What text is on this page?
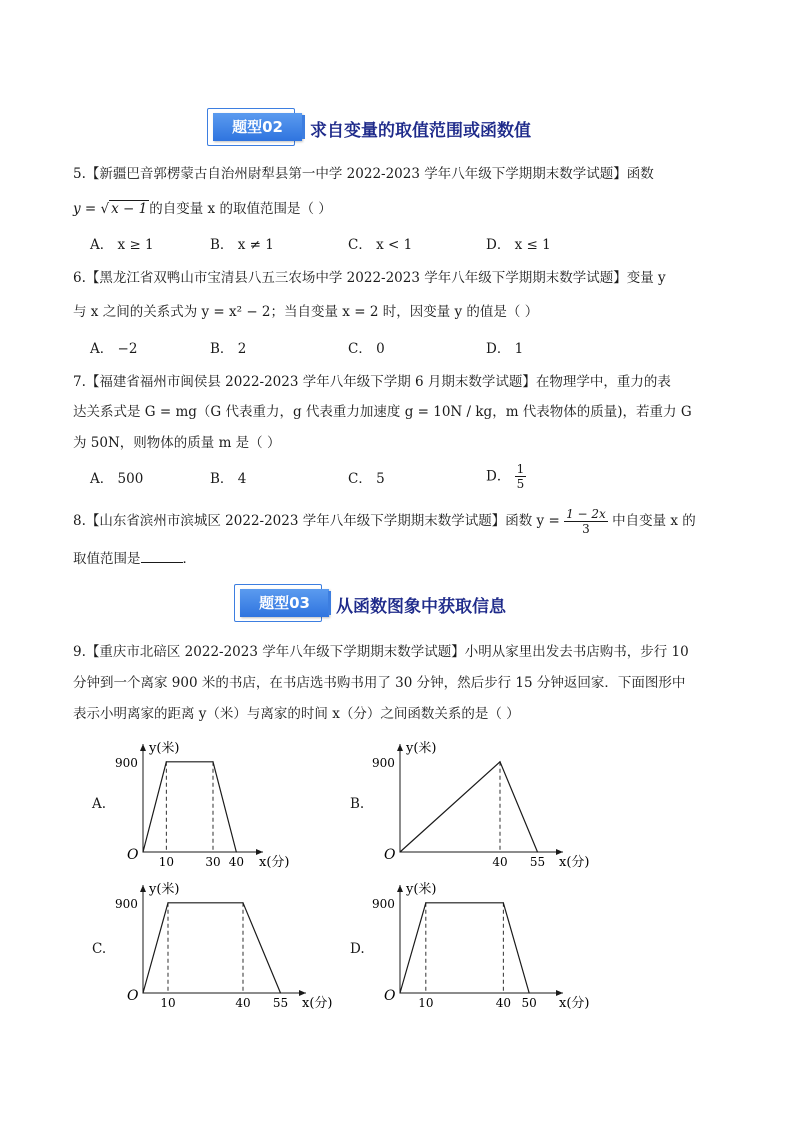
题型02	求自变量的取值范围或函数值
5.【新疆巴音郭楞蒙古自治州尉犁县第一中学 2022-2023 学年八年级下学期期末数学试题】函数
y = √ x − 1 的自变量 x 的取值范围是（ ）
A． x ≥ 1	B． x ≠ 1	C． x < 1	D． x ≤ 1
6.【黑龙江省双鸭山市宝清县八五三农场中学 2022-2023 学年八年级下学期期末数学试题】变量 y
与 x 之间的关系式为 y = x² − 2；当自变量 x = 2 时，因变量 y 的值是（ ）
A． −2	B． 2	C． 0	D． 1
7.【福建省福州市闽侯县 2022-2023 学年八年级下学期 6 月期末数学试题】在物理学中，重力的表
达关系式是 G = mg（G 代表重力，g 代表重力加速度 g = 10N / kg，m 代表物体的质量)，若重力 G
为 50N，则物体的质量 m 是（ ）
A． 500	B． 4	C． 5	D． $\frac{1}{5}$
8.【山东省滨州市滨城区 2022-2023 学年八年级下学期期末数学试题】函数 $y = \frac{1 - 2x}{3}$ 中自变量 x 的
取值范围是	．
题型03	从函数图象中获取信息
9.【重庆市北碚区 2022-2023 学年八年级下学期期末数学试题】小明从家里出发去书店购书，步行 10
分钟到一个离家 900 米的书店，在书店选书购书用了 30 分钟，然后步行 15 分钟返回家．下面图形中
表示小明离家的距离 y（米）与离家的时间 x（分）之间函数关系的是（ ）
A.	B.
C.	D.
O
y(米)
x(分)
900
10	30 40	O
y(米)
x(分)
900
40 55
O
y(米)
x(分)
900
10	40 55	O
y(米)
x(分)
900
10	40 50
